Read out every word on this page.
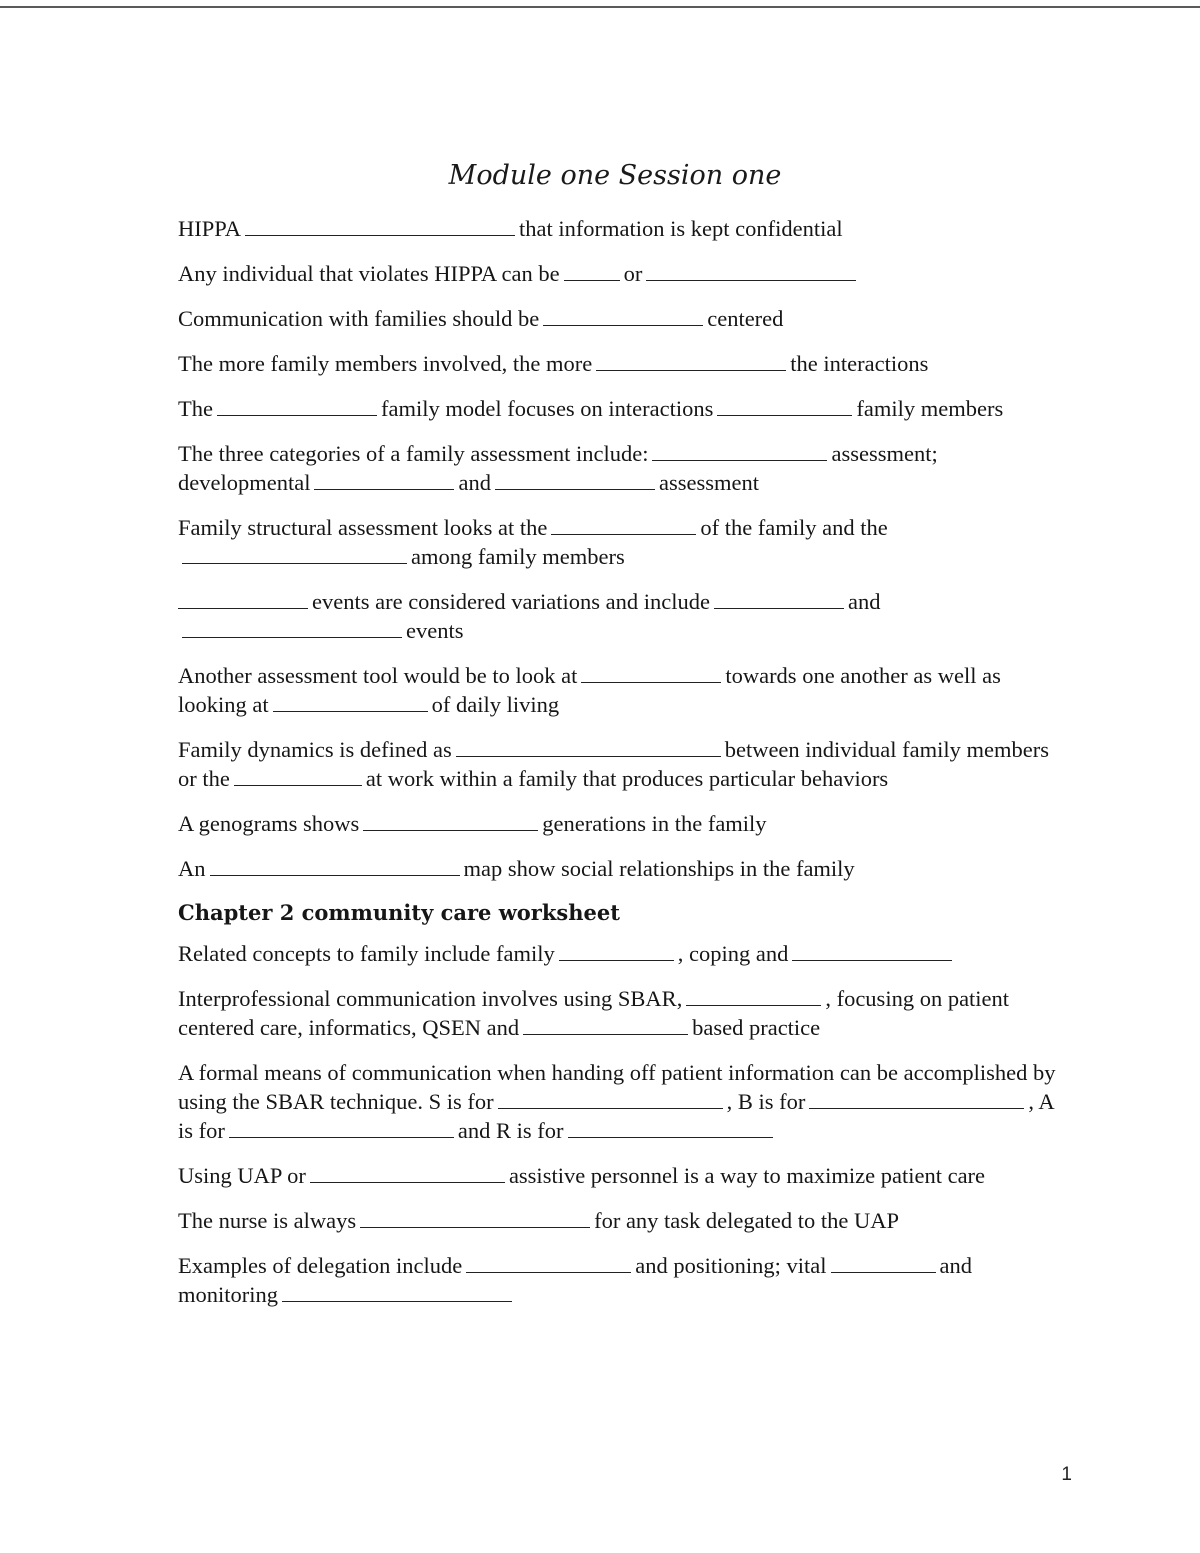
Module one Session one

HIPPA	that information is kept confidential

Any individual that violates HIPPA can be	or

Communication with families should be	centered

The more family members involved, the more	the interactions

The	family model focuses on interactions	family members

The three categories of a family assessment include:	assessment; developmental	and	assessment

Family structural assessment looks at the	of the family and theamong family members

events are considered variations and include	andevents

Another assessment tool would be to look at	towards one another as well as looking at	of daily living

Family dynamics is defined as	between individual family members or the	at work within a family that produces particular behaviors

A genograms shows	generations in the family

An	map show social relationships in the family

Chapter 2 community care worksheet

Related concepts to family include family	, coping and

Interprofessional communication involves using SBAR,	, focusing on patient centered care, informatics, QSEN and	based practice

A formal means of communication when handing off patient information can be accomplished by using the SBAR technique. S is for	, B is for	, A is for	and R is for

Using UAP or	assistive personnel is a way to maximize patient care

The nurse is always	for any task delegated to the UAP

Examples of delegation include	and positioning; vital	and monitoring

1
